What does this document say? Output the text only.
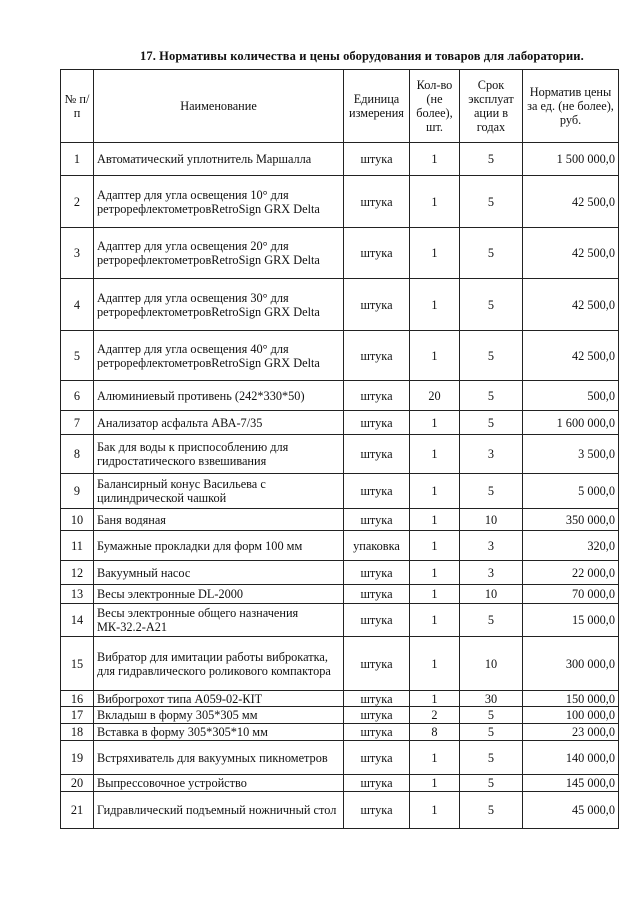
17. Нормативы количества и цены оборудования и товаров для лаборатории.
№ п/п	Наименование	Единица измерения	Кол-во (не более), шт.	Срок эксплуат ации в годах	Норматив цены за ед. (не более), руб.
1	Автоматический уплотнитель Маршалла	штука	1	5	1 500 000,0
2	Адаптер для угла освещения 10° для ретрорефлектометровRetroSign GRX Delta	штука	1	5	42 500,0
3	Адаптер для угла освещения 20° для ретрорефлектометровRetroSign GRX Delta	штука	1	5	42 500,0
4	Адаптер для угла освещения 30° для ретрорефлектометровRetroSign GRX Delta	штука	1	5	42 500,0
5	Адаптер для угла освещения 40° для ретрорефлектометровRetroSign GRX Delta	штука	1	5	42 500,0
6	Алюминиевый противень (242*330*50)	штука	20	5	500,0
7	Анализатор асфальта АВА-7/35	штука	1	5	1 600 000,0
8	Бак для воды к приспособлению для гидростатического взвешивания	штука	1	3	3 500,0
9	Балансирный конус Васильева с цилиндрической чашкой	штука	1	5	5 000,0
10	Баня водяная	штука	1	10	350 000,0
11	Бумажные прокладки для форм 100 мм	упаковка	1	3	320,0
12	Вакуумный насос	штука	1	3	22 000,0
13	Весы электронные DL-2000	штука	1	10	70 000,0
14	Весы электронные общего назначения МК-32.2-А21	штука	1	5	15 000,0
15	Вибратор для имитации работы виброкатка, для гидравлического роликового компактора	штука	1	10	300 000,0
16	Виброгрохот типа А059-02-КIТ	штука	1	30	150 000,0
17	Вкладыш в форму 305*305 мм	штука	2	5	100 000,0
18	Вставка в форму 305*305*10 мм	штука	8	5	23 000,0
19	Встряхиватель для вакуумных пикнометров	штука	1	5	140 000,0
20	Выпрессовочное устройство	штука	1	5	145 000,0
21	Гидравлический подъемный ножничный стол	штука	1	5	45 000,0
